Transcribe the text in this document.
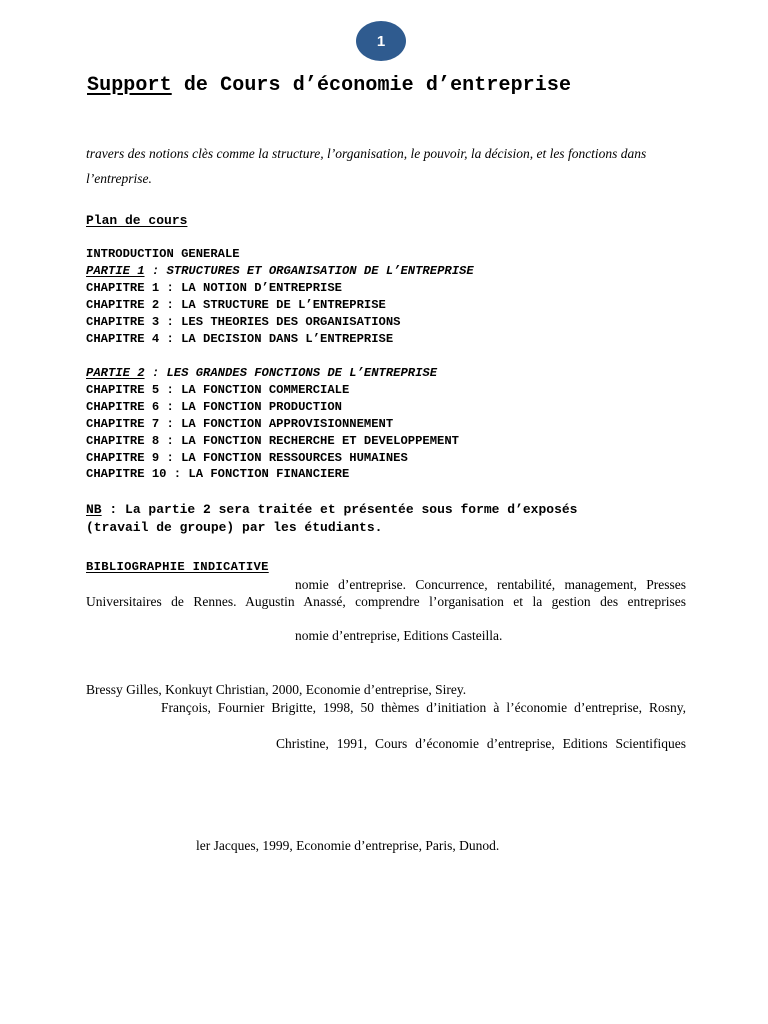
1
Support de Cours d’économie d’entreprise
travers des notions clès comme la structure, l’organisation, le pouvoir, la décision, et les fonctions dans
l’entreprise.
Plan de cours
INTRODUCTION GENERALE
PARTIE 1 : STRUCTURES ET ORGANISATION DE L’ENTREPRISE
CHAPITRE 1 : LA NOTION D’ENTREPRISE
CHAPITRE 2 : LA STRUCTURE DE L’ENTREPRISE
CHAPITRE 3 : LES THEORIES DES ORGANISATIONS
CHAPITRE 4 : LA DECISION DANS L’ENTREPRISE
PARTIE 2 : LES GRANDES FONCTIONS DE L’ENTREPRISE
CHAPITRE 5 : LA FONCTION COMMERCIALE
CHAPITRE 6 : LA FONCTION PRODUCTION
CHAPITRE 7 : LA FONCTION APPROVISIONNEMENT
CHAPITRE 8 : LA FONCTION RECHERCHE ET DEVELOPPEMENT
CHAPITRE 9 : LA FONCTION RESSOURCES HUMAINES
CHAPITRE 10 : LA FONCTION FINANCIERE
NB : La partie 2 sera traitée et présentée sous forme d’exposés
(travail de groupe) par les étudiants.
BIBLIOGRAPHIE INDICATIVE
nomie d’entreprise. Concurrence, rentabilité, management, Presses
Universitaires de Rennes. Augustin Anassé, comprendre l’organisation et la gestion des entreprises
nomie d’entreprise, Editions Casteilla.
Bressy Gilles, Konkuyt Christian, 2000, Economie d’entreprise, Sirey.
François, Fournier Brigitte, 1998, 50 thèmes d’initiation à l’économie d’entreprise, Rosny,
Christine, 1991, Cours d’économie d’entreprise, Editions Scientifiques
ler Jacques, 1999, Economie d’entreprise, Paris, Dunod.
